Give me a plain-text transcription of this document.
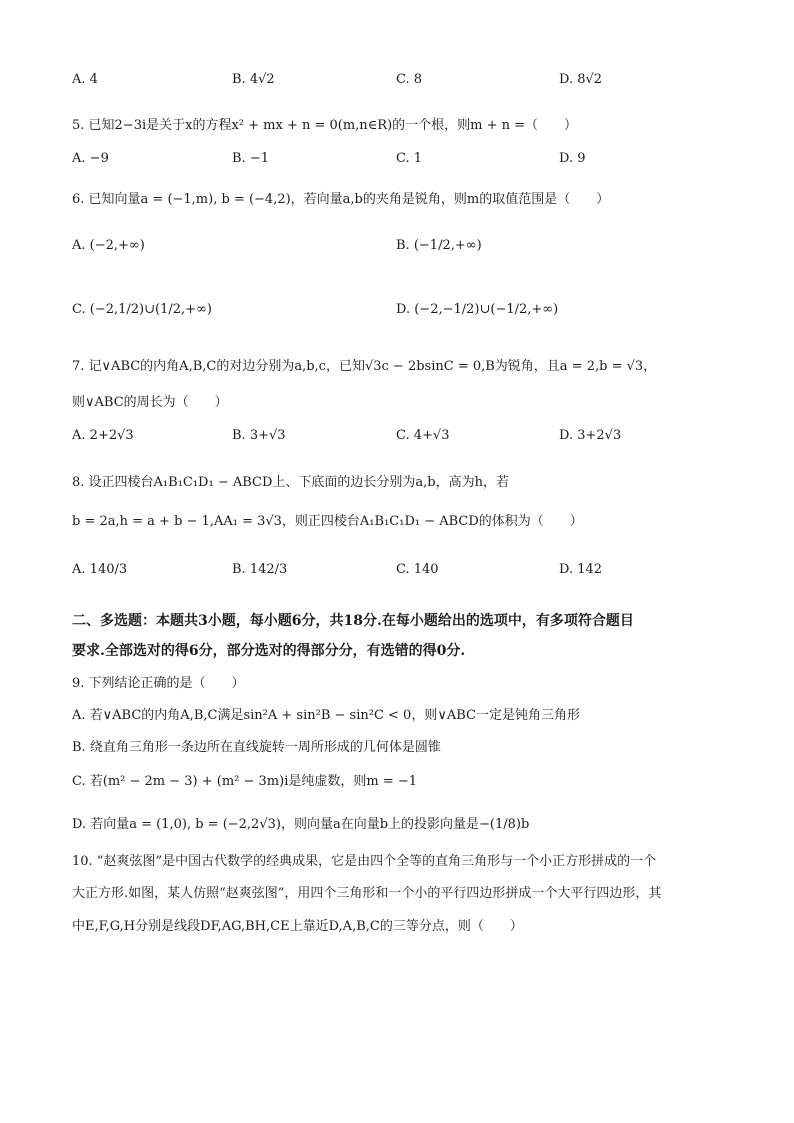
A. 4	B. 4√2	C. 8	D. 8√2
5. 已知2−3i是关于x的方程x² + mx + n = 0(m,n∈R)的一个根，则m + n =（　　）
A. −9	B. −1	C. 1	D. 9
6. 已知向量a = (−1,m), b = (−4,2)，若向量a,b的夹角是锐角，则m的取值范围是（　　）
A. (−2,+∞)	B. (−1/2,+∞)
C. (−2,1/2)∪(1/2,+∞)	D. (−2,−1/2)∪(−1/2,+∞)
7. 记∨ABC的内角A,B,C的对边分别为a,b,c，已知√3c − 2bsinC = 0,B为锐角，且a = 2,b = √3，
则∨ABC的周长为（　　）
A. 2+2√3	B. 3+√3	C. 4+√3	D. 3+2√3
8. 设正四棱台A₁B₁C₁D₁ − ABCD上、下底面的边长分别为a,b，高为h，若
b = 2a,h = a + b − 1,AA₁ = 3√3，则正四棱台A₁B₁C₁D₁ − ABCD的体积为（　　）
A. 140/3	B. 142/3	C. 140	D. 142
二、多选题：本题共3小题，每小题6分，共18分.在每小题给出的选项中，有多项符合题目
要求.全部选对的得6分，部分选对的得部分分，有选错的得0分.
9. 下列结论正确的是（　　）
A. 若∨ABC的内角A,B,C满足sin²A + sin²B − sin²C < 0，则∨ABC一定是钝角三角形
B. 绕直角三角形一条边所在直线旋转一周所形成的几何体是圆锥
C. 若(m² − 2m − 3) + (m² − 3m)i是纯虚数，则m = −1
D. 若向量a = (1,0), b = (−2,2√3)，则向量a在向量b上的投影向量是−(1/8)b
10. “赵爽弦图”是中国古代数学的经典成果，它是由四个全等的直角三角形与一个小正方形拼成的一个
大正方形.如图，某人仿照“赵爽弦图”，用四个三角形和一个小的平行四边形拼成一个大平行四边形，其
中E,F,G,H分别是线段DF,AG,BH,CE上靠近D,A,B,C的三等分点，则（　　）
